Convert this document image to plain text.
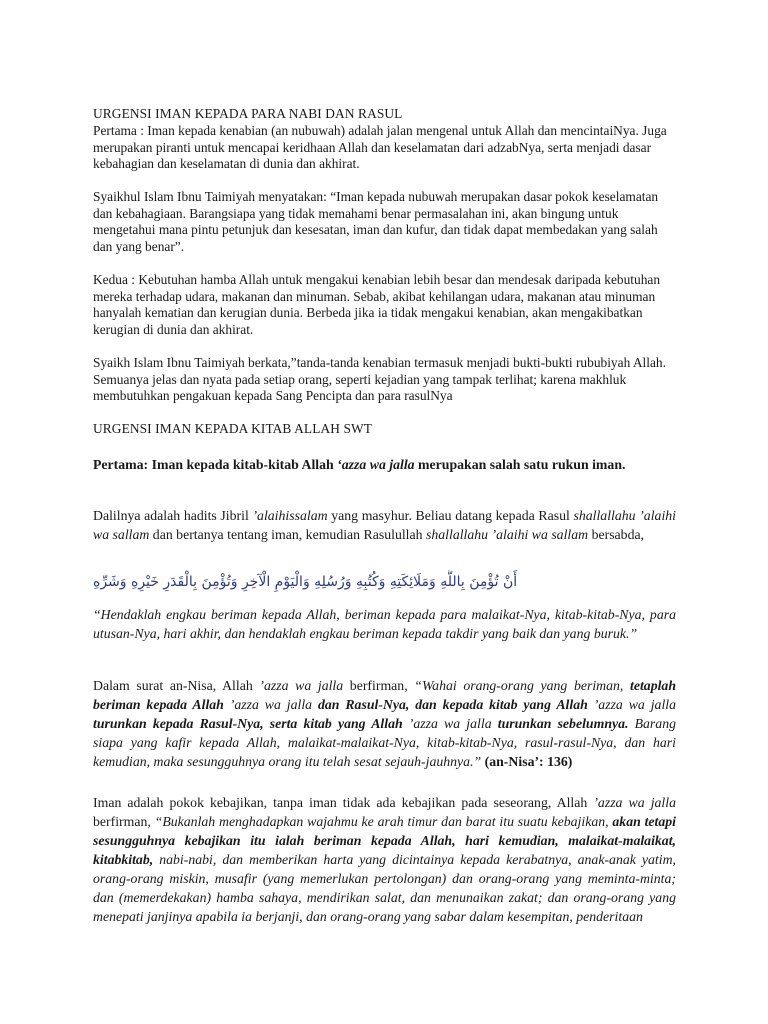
URGENSI IMAN KEPADA PARA NABI DAN RASUL

Pertama : Iman kepada kenabian (an nubuwah) adalah jalan mengenal untuk Allah dan mencintaiNya. Juga merupakan piranti untuk mencapai keridhaan Allah dan keselamatan dari adzabNya, serta menjadi dasar kebahagian dan keselamatan di dunia dan akhirat.

Syaikhul Islam Ibnu Taimiyah menyatakan: “Iman kepada nubuwah merupakan dasar pokok keselamatan dan kebahagiaan. Barangsiapa yang tidak memahami benar permasalahan ini, akan bingung untuk mengetahui mana pintu petunjuk dan kesesatan, iman dan kufur, dan tidak dapat membedakan yang salah dan yang benar”.

Kedua : Kebutuhan hamba Allah untuk mengakui kenabian lebih besar dan mendesak daripada kebutuhan mereka terhadap udara, makanan dan minuman. Sebab, akibat kehilangan udara, makanan atau minuman hanyalah kematian dan kerugian dunia. Berbeda jika ia tidak mengakui kenabian, akan mengakibatkan kerugian di dunia dan akhirat.

Syaikh Islam Ibnu Taimiyah berkata,”tanda-tanda kenabian termasuk menjadi bukti-bukti rububiyah Allah. Semuanya jelas dan nyata pada setiap orang, seperti kejadian yang tampak terlihat; karena makhluk membutuhkan pengakuan kepada Sang Pencipta dan para rasulNya

URGENSI IMAN KEPADA KITAB ALLAH SWT

Pertama: Iman kepada kitab-kitab Allah ‘azza wa jalla merupakan salah satu rukun iman.

Dalilnya adalah hadits Jibril ’alaihissalam yang masyhur. Beliau datang kepada Rasul shallallahu ’alaihi wa sallam dan bertanya tentang iman, kemudian Rasulullah shallallahu ’alaihi wa sallam bersabda,

أَنْ تُؤْمِنَ بِاللَّهِ وَمَلَائِكَتِهِ وَكُتُبِهِ وَرُسُلِهِ وَالْيَوْمِ الْآخِرِ وَتُؤْمِنَ بِالْقَدَرِ خَيْرِهِ وَشَرِّهِ

“Hendaklah engkau beriman kepada Allah, beriman kepada para malaikat-Nya, kitab-kitab-Nya, para utusan-Nya, hari akhir, dan hendaklah engkau beriman kepada takdir yang baik dan yang buruk.”

Dalam surat an-Nisa, Allah ’azza wa jalla berfirman, “Wahai orang-orang yang beriman, tetaplah beriman kepada Allah ’azza wa jalla dan Rasul-Nya, dan kepada kitab yang Allah ’azza wa jalla turunkan kepada Rasul-Nya, serta kitab yang Allah ’azza wa jalla turunkan sebelumnya. Barang siapa yang kafir kepada Allah, malaikat-malaikat-Nya, kitab-kitab-Nya, rasul-rasul-Nya, dan hari kemudian, maka sesungguhnya orang itu telah sesat sejauh-jauhnya.” (an-Nisa’: 136)

Iman adalah pokok kebajikan, tanpa iman tidak ada kebajikan pada seseorang, Allah ’azza wa jalla berfirman, “Bukanlah menghadapkan wajahmu ke arah timur dan barat itu suatu kebajikan, akan tetapi sesungguhnya kebajikan itu ialah beriman kepada Allah, hari kemudian, malaikat-malaikat, kitabkitab, nabi-nabi, dan memberikan harta yang dicintainya kepada kerabatnya, anak-anak yatim, orang-orang miskin, musafir (yang memerlukan pertolongan) dan orang-orang yang meminta-minta; dan (memerdekakan) hamba sahaya, mendirikan salat, dan menunaikan zakat; dan orang-orang yang menepati janjinya apabila ia berjanji, dan orang-orang yang sabar dalam kesempitan, penderitaan
